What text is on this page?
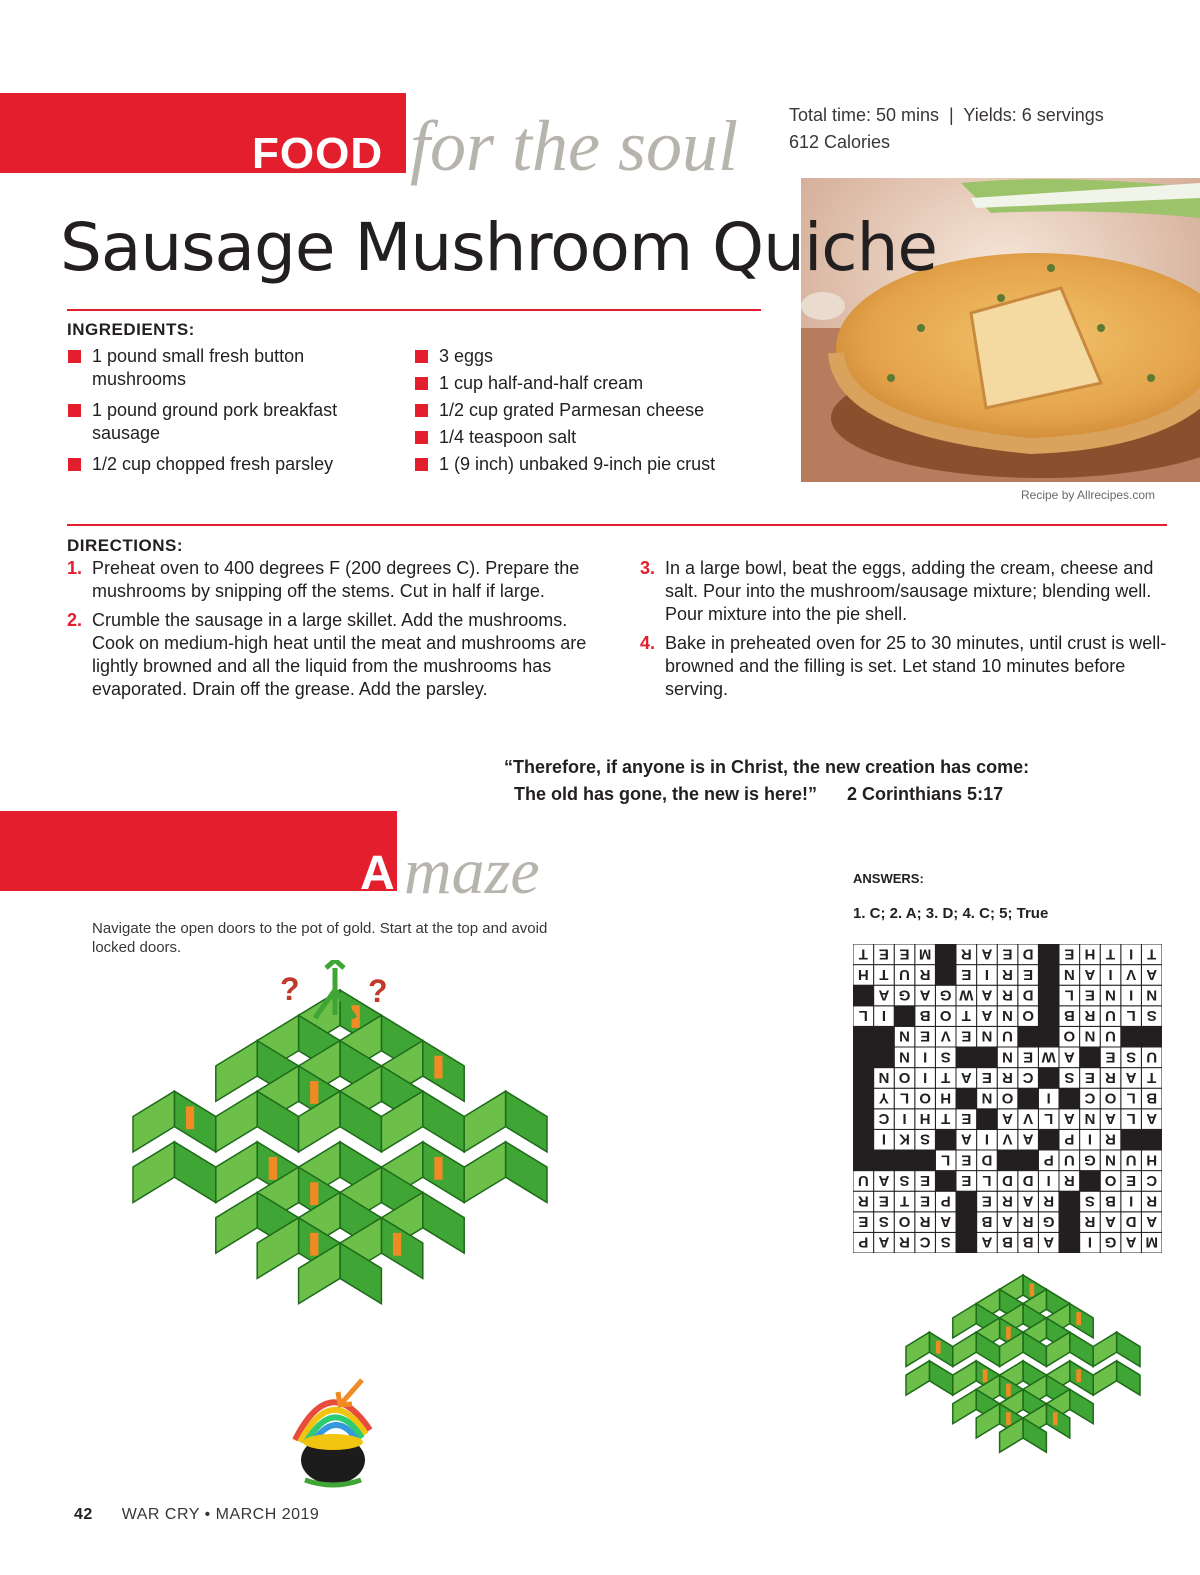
FOOD for the soul	Total time: 50 mins  |  Yields: 6 servings
612 Calories
Sausage Mushroom Quiche
INGREDIENTS:
1 pound small fresh button mushrooms
1 pound ground pork breakfast sausage
1/2 cup chopped fresh parsley
3 eggs
1 cup half-and-half cream
1/2 cup grated Parmesan cheese
1/4 teaspoon salt
1 (9 inch) unbaked 9-inch pie crust
Recipe by Allrecipes.com
DIRECTIONS:
1. Preheat oven to 400 degrees F (200 degrees C). Prepare the mushrooms by snipping off the stems. Cut in half if large.
2. Crumble the sausage in a large skillet. Add the mushrooms. Cook on medium-high heat until the meat and mushrooms are lightly browned and all the liquid from the mushrooms has evaporated. Drain off the grease. Add the parsley.
3. In a large bowl, beat the eggs, adding the cream, cheese and salt. Pour into the mushroom/sausage mixture; blending well. Pour mixture into the pie shell.
4. Bake in preheated oven for 25 to 30 minutes, until crust is well-browned and the filling is set. Let stand 10 minutes before serving.
“Therefore, if anyone is in Christ, the new creation has come:
The old has gone, the new is here!” 2 Corinthians 5:17
A maze
Navigate the open doors to the pot of gold. Start at the top and avoid locked doors.
? ?
ANSWERS:
1. C; 2. A; 3. D; 4. C; 5; True
M
A
G
I
A
B
B
A
S
C
R
A
P
A
D
A
R
G
R
A
B
A
R
O
S
E
R
I
B
S
R
A
R
E
P
E
T
E
R
C
E
O
R
I
D
D
L
E
E
S
A
U
H
U
N
G
U
P
D
E
L
R
I
P
A
V
I
A
S
K
I
A
L
A
N
A
L
V
A
E
T
H
I
C
B
L
O
C
I
O
N
H
O
L
Y
T
A
R
E
S
C
R
E
A
T
I
O
N
U
S
E
A
W
E
N
S
I
N
U
N
O
U
N
E
V
E
N
S
L
U
R
B
O
N
A
T
O
B
I
L
N
I
N
E
L
D
R
A
W
G
A
G
A
A
V
I
A
N
E
R
I
E
R
U
T
H
T
I
T
H
E
D
E
A
R
M
E
E
T
42 WAR CRY • MARCH 2019
